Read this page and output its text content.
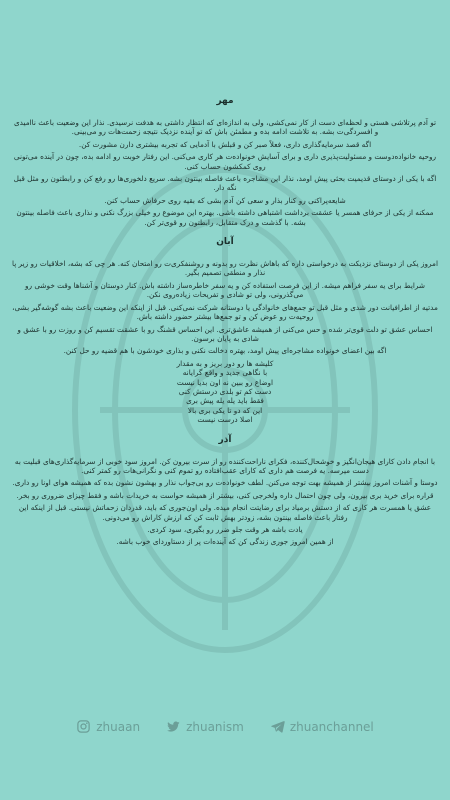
مهر

تو آدم پرتلاشی هستی و لحظه‌ای دست از کار نمی‌کشی، ولی به اندازه‌ای که انتظار داشتی به هدفت نرسیدی. نذار این وضعیت باعث ناامیدی و افسردگی‌ت بشه. به تلاشت ادامه بده و مطمئن باش که تو آینده نزدیک نتیجه زحمت‌هات رو می‌بینی.

اگه قصد سرمایه‌گذاری داری، فعلاً صبر کن و قبلش با آدمایی که تجربه بیشتری دارن مشورت کن.

روحیه خانواده‌دوست و مسئولیت‌پذیری داری و برای آسایش خونواده‌ت هر کاری می‌کنی. این رفتار خوبت رو ادامه بده، چون در آینده می‌تونی روی کمکشون حساب کنی.

اگه با یکی از دوستای قدیمیت بحثی پیش اومد، نذار این مشاجره باعث فاصله بینتون بشه. سریع دلخوری‌ها رو رفع کن و رابطتون رو مثل قبل نگه دار.

شایعه‌پراکنی رو کنار بذار و سعی کن آدم بشی که بقیه روی حرفاش حساب کنن.

ممکنه از یکی از حرفای همسر یا عشقت برداشت اشتباهی داشته باشی. بهتره این موضوع رو خیلی بزرگ نکنی و نذاری باعث فاصله بینتون بشه. با گذشت و درک متقابل، رابطتون رو قوی‌تر کن.

آبان

امروز یکی از دوستای نزدیکت به درخواستی داره که باهاش نظرت رو بدونه و روشنفکری‌ت رو امتحان کنه. هر چی که بشه، اخلاقیات رو زیر پا نذار و منطقی تصمیم بگیر.

شرایط برای یه سفر فراهم میشه. از این فرصت استفاده کن و یه سفر خاطره‌ساز داشته باش. کنار دوستان و آشناها وقت خوشی رو می‌گذرونی، ولی تو شادی و تفریحات زیاده‌روی نکن.

مدتیه از اطرافیانت دور شدی و مثل قبل تو جمع‌های خانوادگی یا دوستانه شرکت نمی‌کنی. قبل از اینکه این وضعیت باعث بشه گوشه‌گیر بشی، روحیه‌ت رو عوض کن و تو جمع‌ها بیشتر حضور داشته باش.

احساس عشق تو دلت قوی‌تر شده و حس می‌کنی از همیشه عاشق‌تری. این احساس قشنگ رو با عشقت تقسیم کن و روزت رو با عشق و شادی به پایان برسون.

اگه بین اعضای خونواده مشاجره‌ای پیش اومد، بهتره دخالت نکنی و بذاری خودشون با هم قضیه رو حل کنن.

کلیشه ها رو دور بریز و به مقدار
با نگاهی جدید و واقع گرایانه
اوضاع رو ببین نه اون بدیا نیست
دست کم تو بلدی درستش کنی
فقط باید یله یله پیش بری
این که دو تا یکی بری بالا
اصلا درست نیست
آذر

با انجام دادن کارای هیجان‌انگیز و خوشحال‌کننده، فکرای ناراحت‌کننده رو از سرت بیرون کن. امروز سود خوبی از سرمایه‌گذاری‌های قبلیت به دست میرسه. یه فرصت هم داری که کارای عقب‌افتاده رو تموم کنی و نگرانی‌هات رو کمتر کنی.

دوستا و آشنات امروز بیشتر از همیشه بهت توجه می‌کنن. لطف خونواده‌ت رو بی‌جواب نذار و بهشون نشون بده که همیشه هوای اونا رو داری.

قراره برای خرید بری بیرون، ولی چون احتمال داره ولخرجی کنی، بیشتر از همیشه حواست به خریدات باشه و فقط چیزای ضروری رو بخر.

عشق یا همسرت هر کاری که از دستش برمیاد برای رضایتت انجام میده. ولی اون‌جوری که باید، قدردان زحماتش نیستی. قبل از اینکه این رفتار باعث فاصله بینتون بشه، زودتر بهش ثابت کن که ارزش کاراش رو می‌دونی.

یادت باشه هر وقت جلو ضرر رو بگیری، سود کردی.

از همین امروز جوری زندگی کن که آینده‌ات پر از دستاوردای خوب باشه.

zhuaan	zhuanism	zhuanchannel
